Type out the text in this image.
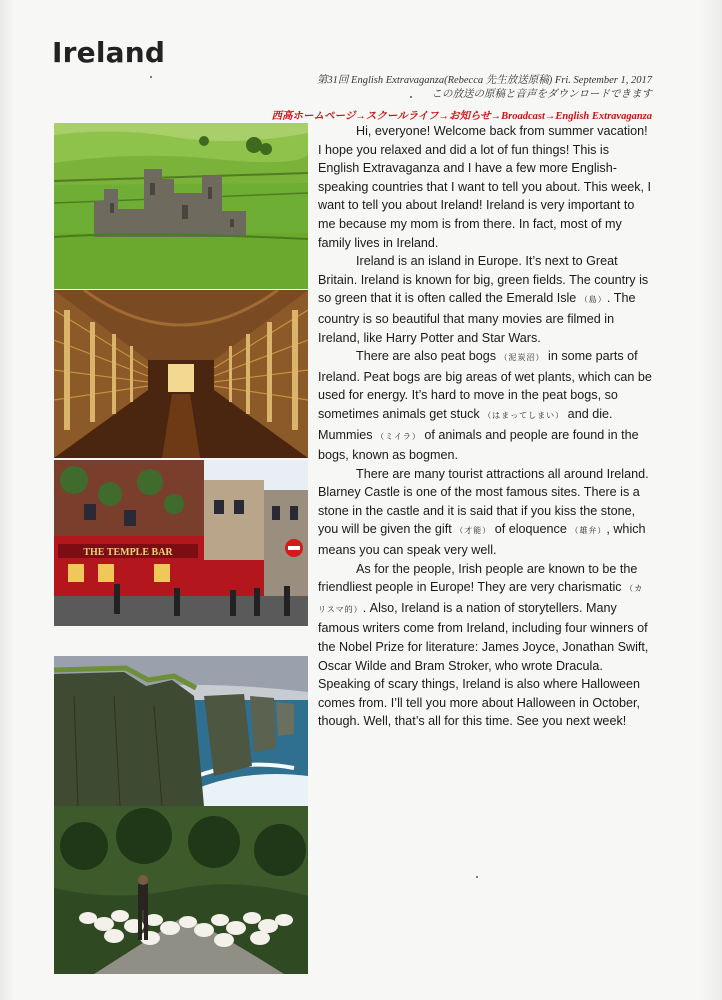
Ireland
第31回 English Extravaganza(Rebecca 先生放送原稿) Fri. September 1, 2017
この放送の原稿と音声をダウンロードできます
西高ホームページ→スクールライフ→お知らせ→Broadcast→English Extravaganza
THE TEMPLE BAR

Hi, everyone! Welcome back from summer vacation! I hope you relaxed and did a lot of fun things! This is English Extravaganza and I have a few more English-speaking countries that I want to tell you about. This week, I want to tell you about Ireland! Ireland is very important to me because my mom is from there. In fact, most of my family lives in Ireland.

Ireland is an island in Europe. It’s next to Great Britain. Ireland is known for big, green fields. The country is so green that it is often called the Emerald Isle （島）. The country is so beautiful that many movies are filmed in Ireland, like Harry Potter and Star Wars.

There are also peat bogs （泥炭沼） in some parts of Ireland. Peat bogs are big areas of wet plants, which can be used for energy. It’s hard to move in the peat bogs, so sometimes animals get stuck （はまってしまい） and die. Mummies （ミイラ） of animals and people are found in the bogs, known as bogmen.

There are many tourist attractions all around Ireland. Blarney Castle is one of the most famous sites. There is a stone in the castle and it is said that if you kiss the stone, you will be given the gift （才能） of eloquence （雄弁）, which means you can speak very well.

As for the people, Irish people are known to be the friendliest people in Europe! They are very charismatic （カリスマ的）. Also, Ireland is a nation of storytellers. Many famous writers come from Ireland, including four winners of the Nobel Prize for literature: James Joyce, Jonathan Swift, Oscar Wilde and Bram Stroker, who wrote Dracula. Speaking of scary things, Ireland is also where Halloween comes from. I’ll tell you more about Halloween in October, though. Well, that’s all for this time. See you next week!
